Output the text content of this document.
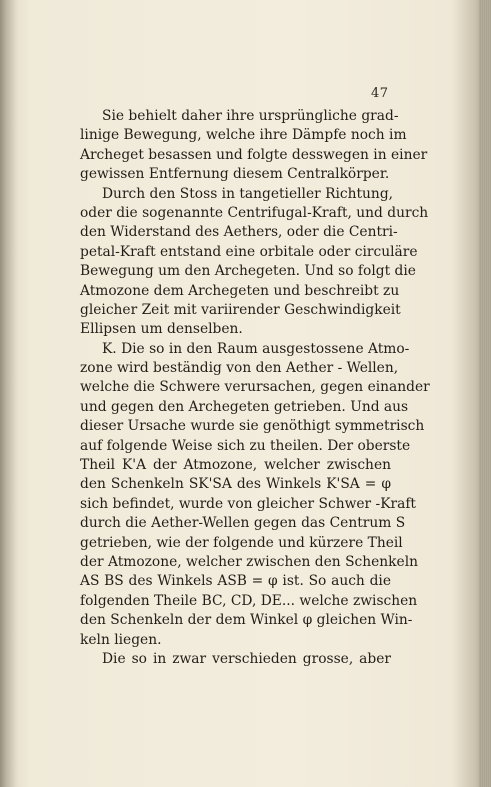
47
Sie behielt daher ihre ursprüngliche grad-
linige Bewegung, welche ihre Dämpfe noch im
Archeget besassen und folgte desswegen in einer
gewissen Entfernung diesem Centralkörper.
Durch den Stoss in tangetieller Richtung,
oder die sogenannte Centrifugal-Kraft, und durch
den Widerstand des Aethers, oder die Centri-
petal-Kraft entstand eine orbitale oder circuläre
Bewegung um den Archegeten. Und so folgt die
Atmozone dem Archegeten und beschreibt zu
gleicher Zeit mit variirender Geschwindigkeit
Ellipsen um denselben.
K. Die so in den Raum ausgestossene Atmo-
zone wird beständig von den Aether - Wellen,
welche die Schwere verursachen, gegen einander
und gegen den Archegeten getrieben. Und aus
dieser Ursache wurde sie genöthigt symmetrisch
auf folgende Weise sich zu theilen. Der oberste
Theil K'A der Atmozone, welcher zwischen
den Schenkeln SK'SA des Winkels K'SA = φ
sich befindet, wurde von gleicher Schwer -Kraft
durch die Aether-Wellen gegen das Centrum S
getrieben, wie der folgende und kürzere Theil
der Atmozone, welcher zwischen den Schenkeln
AS BS des Winkels ASB = φ ist. So auch die
folgenden Theile BC, CD, DE... welche zwischen
den Schenkeln der dem Winkel φ gleichen Win-
keln liegen.
Die so in zwar verschieden grosse, aber
